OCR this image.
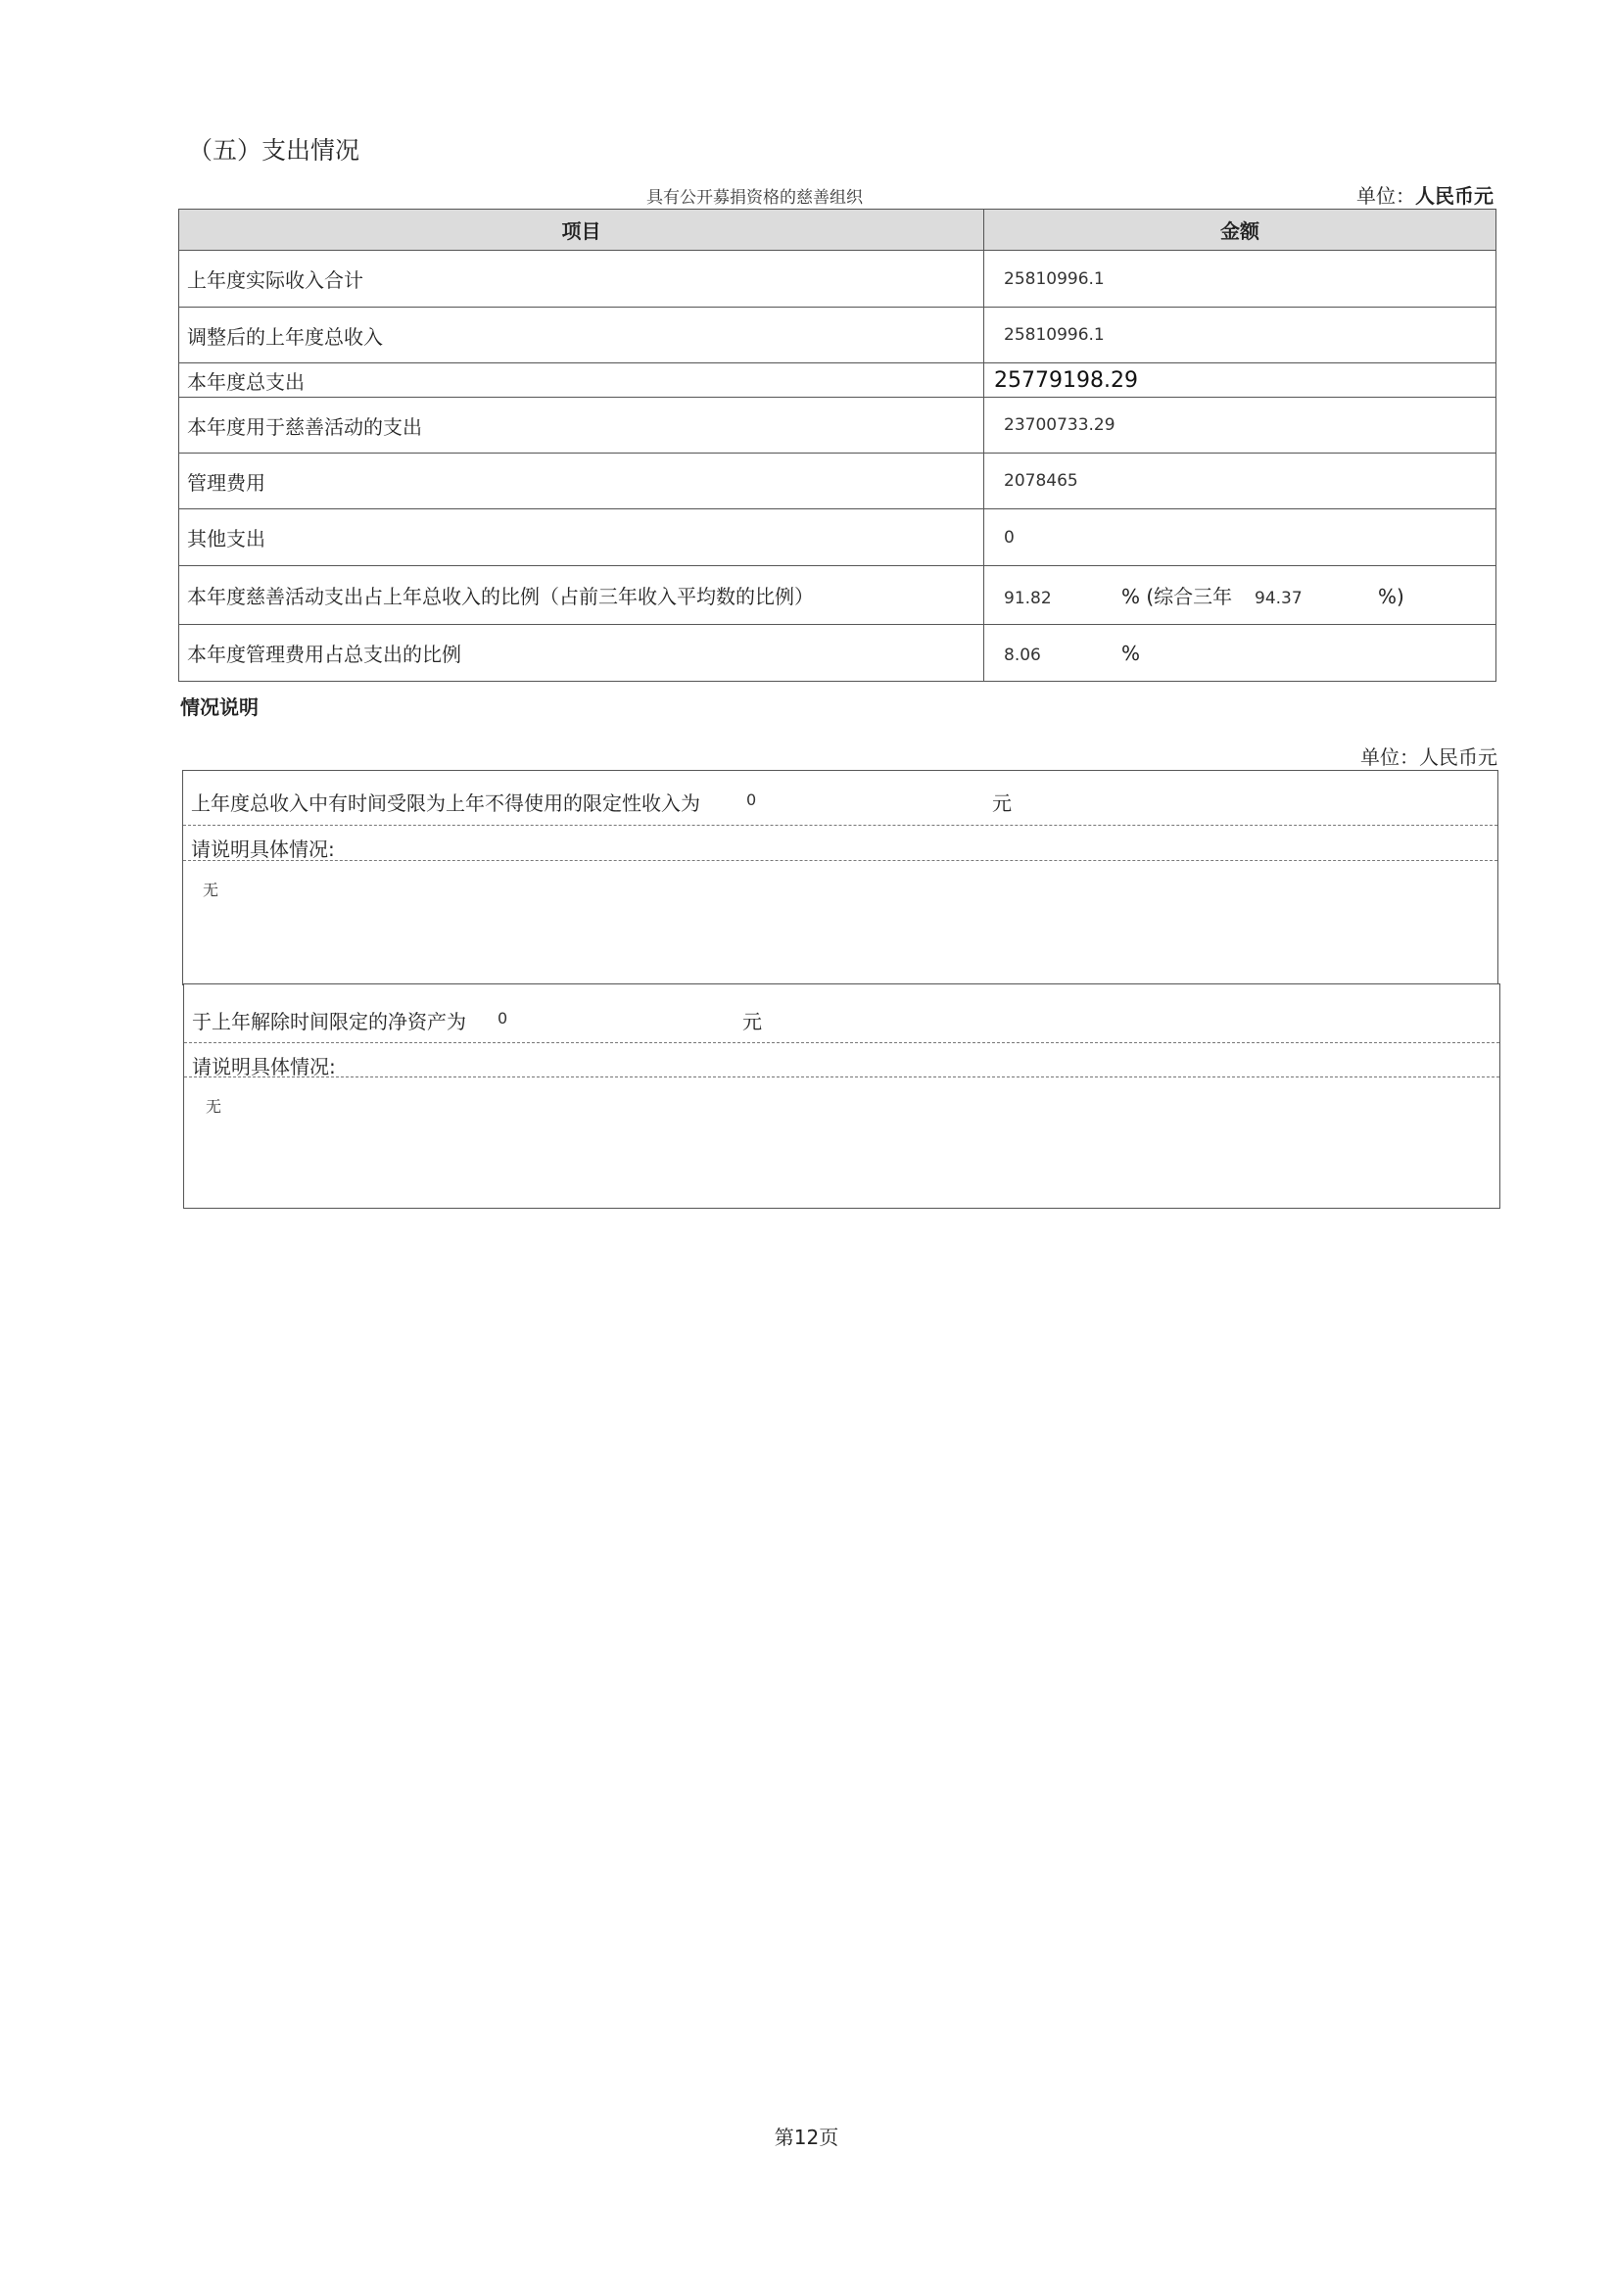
（五）支出情况
具有公开募捐资格的慈善组织	单位：人民币元
项目	金额
上年度实际收入合计	25810996.1
调整后的上年度总收入	25810996.1
本年度总支出	25779198.29
本年度用于慈善活动的支出	23700733.29
管理费用	2078465
其他支出	0
本年度慈善活动支出占上年总收入的比例（占前三年收入平均数的比例）	91.82 % (综合三年 94.37 %)
本年度管理费用占总支出的比例	8.06 %
情况说明
单位：人民币元
上年度总收入中有时间受限为上年不得使用的限定性收入为	0	元
请说明具体情况:
无
于上年解除时间限定的净资产为 0	元
请说明具体情况:
无
第12页
